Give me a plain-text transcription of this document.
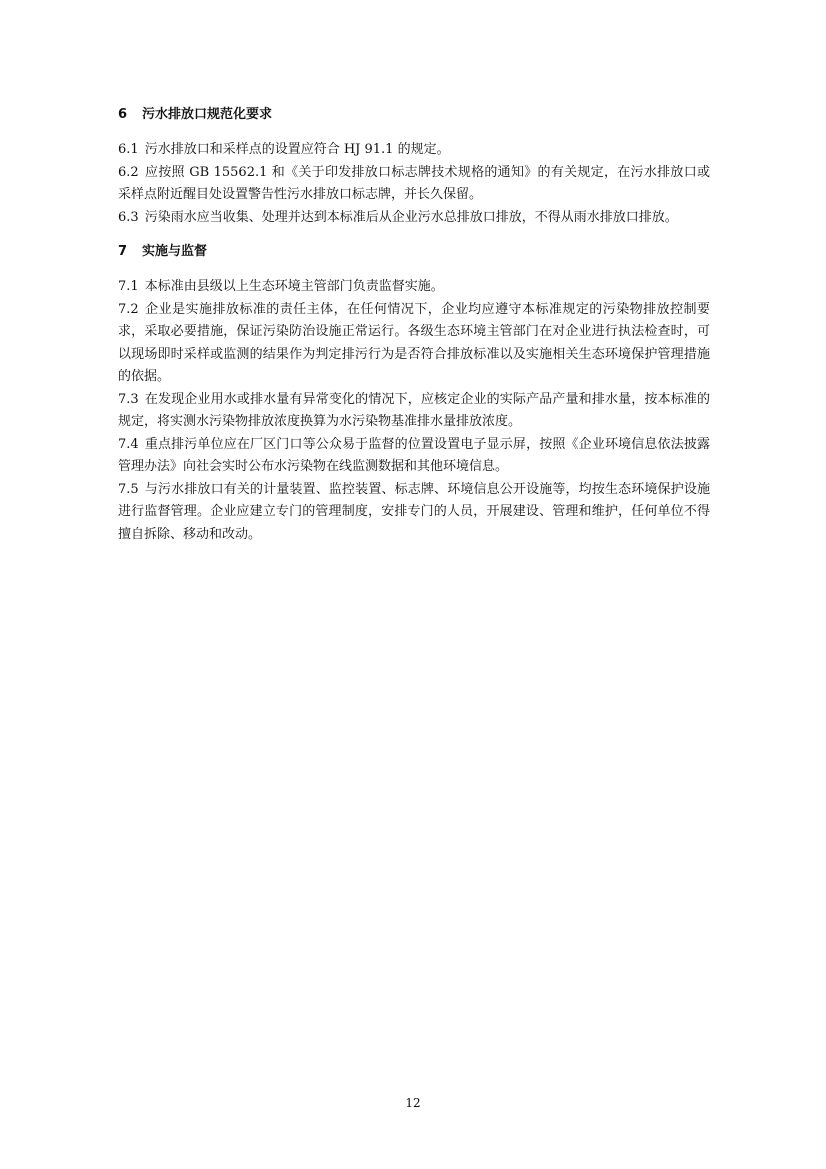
6 污水排放口规范化要求

6.1 污水排放口和采样点的设置应符合 HJ 91.1 的规定。

6.2 应按照 GB 15562.1 和《关于印发排放口标志牌技术规格的通知》的有关规定，在污水排放口或采样点附近醒目处设置警告性污水排放口标志牌，并长久保留。

6.3 污染雨水应当收集、处理并达到本标准后从企业污水总排放口排放，不得从雨水排放口排放。

7 实施与监督

7.1 本标准由县级以上生态环境主管部门负责监督实施。

7.2 企业是实施排放标准的责任主体，在任何情况下，企业均应遵守本标准规定的污染物排放控制要求，采取必要措施，保证污染防治设施正常运行。各级生态环境主管部门在对企业进行执法检查时，可以现场即时采样或监测的结果作为判定排污行为是否符合排放标准以及实施相关生态环境保护管理措施的依据。

7.3 在发现企业用水或排水量有异常变化的情况下，应核定企业的实际产品产量和排水量，按本标准的规定，将实测水污染物排放浓度换算为水污染物基准排水量排放浓度。

7.4 重点排污单位应在厂区门口等公众易于监督的位置设置电子显示屏，按照《企业环境信息依法披露管理办法》向社会实时公布水污染物在线监测数据和其他环境信息。

7.5 与污水排放口有关的计量装置、监控装置、标志牌、环境信息公开设施等，均按生态环境保护设施进行监督管理。企业应建立专门的管理制度，安排专门的人员，开展建设、管理和维护，任何单位不得擅自拆除、移动和改动。

12
